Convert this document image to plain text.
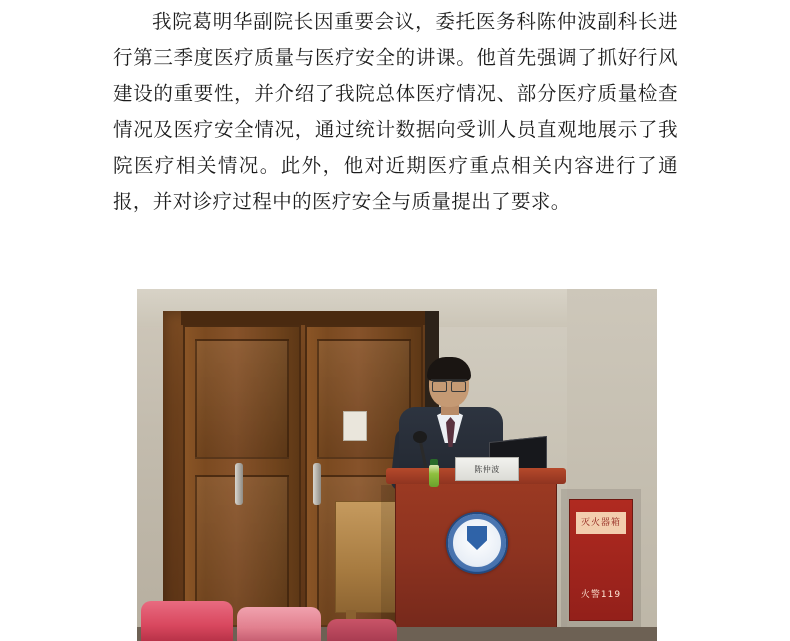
我院葛明华副院长因重要会议，委托医务科陈仲波副科长进行第三季度医疗质量与医疗安全的讲课。他首先强调了抓好行风建设的重要性，并介绍了我院总体医疗情况、部分医疗质量检查情况及医疗安全情况，通过统计数据向受训人员直观地展示了我院医疗相关情况。此外，他对近期医疗重点相关内容进行了通报，并对诊疗过程中的医疗安全与质量提出了要求。

灭火器箱
火警119
陈仲波
